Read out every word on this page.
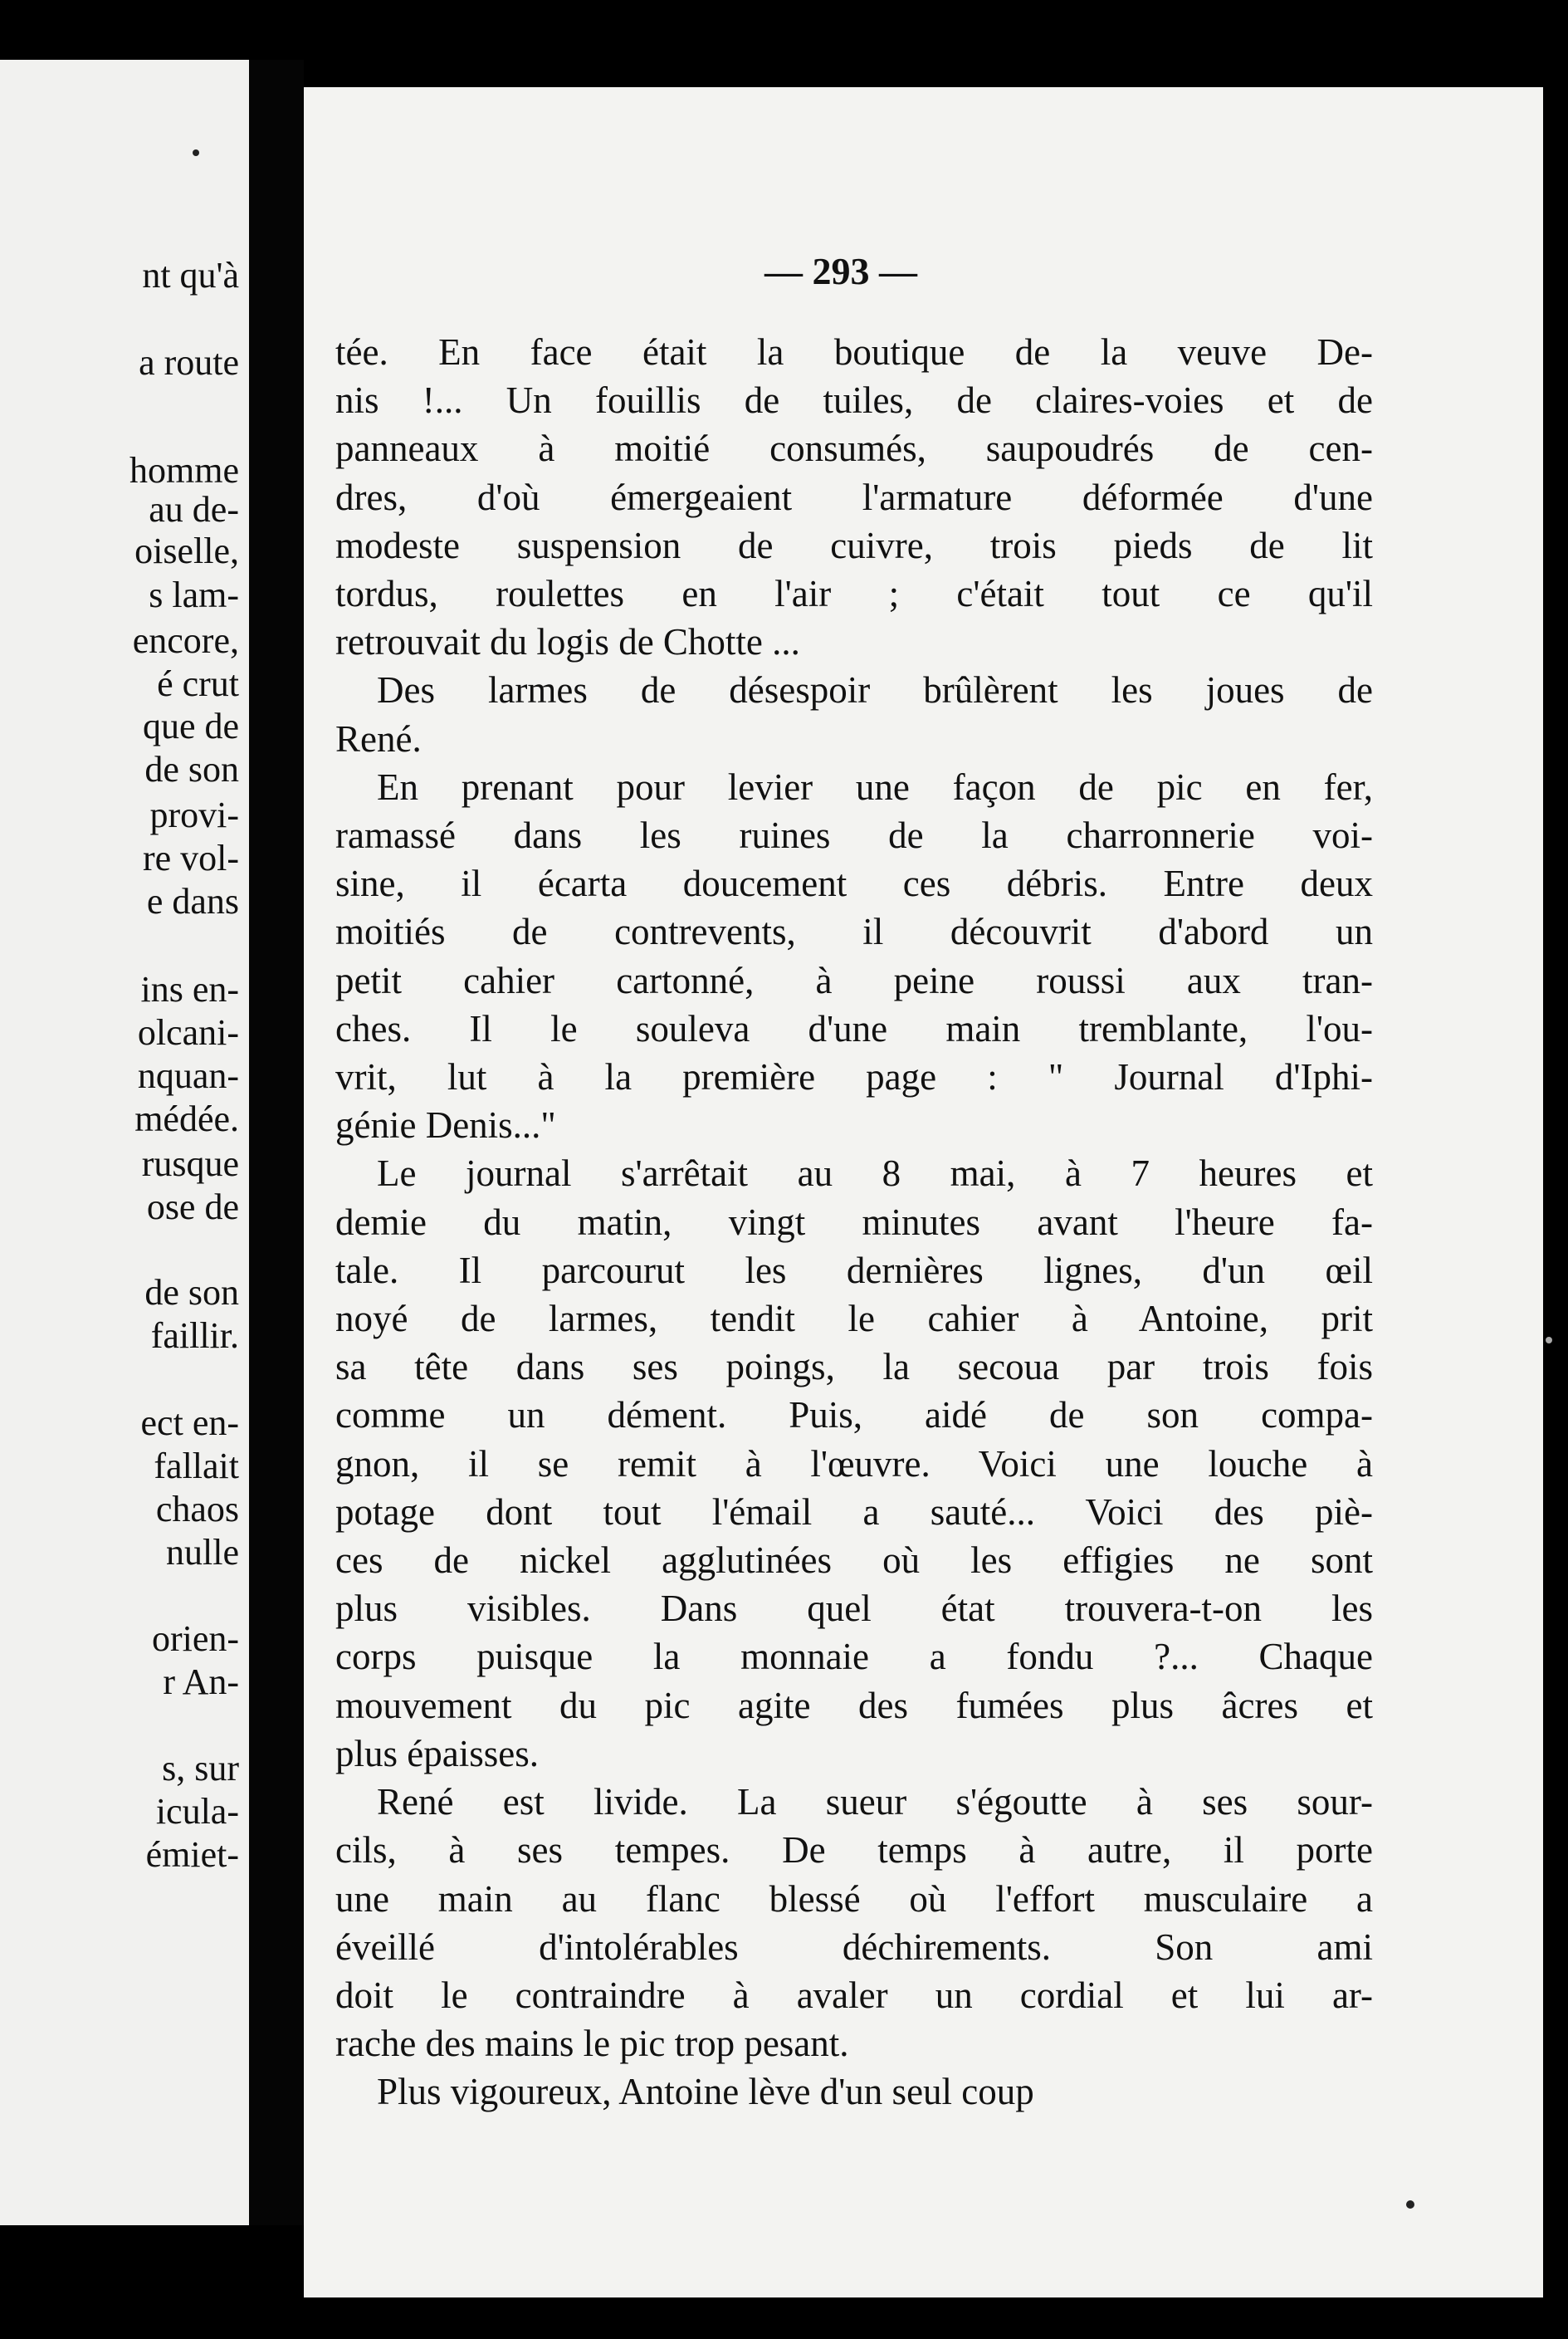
nt qu'à
a route
homme
au de-
oiselle,
s lam-
encore,
é crut
que de
de son
provi-
re vol-
e dans
ins en-
olcani-
nquan-
médée.
rusque
ose de
de son
faillir.
ect en-
fallait
chaos
nulle
orien-
r An-
s, sur
icula-
émiet-
— 293 —

tée. En face était la boutique de la veuve De-
nis !... Un fouillis de tuiles, de claires-voies et de
panneaux à moitié consumés, saupoudrés de cen-
dres, d'où émergeaient l'armature déformée d'une
modeste suspension de cuivre, trois pieds de lit
tordus, roulettes en l'air ; c'était tout ce qu'il
retrouvait du logis de Chotte ...

Des larmes de désespoir brûlèrent les joues de
René.

En prenant pour levier une façon de pic en fer,
ramassé dans les ruines de la charronnerie voi-
sine, il écarta doucement ces débris. Entre deux
moitiés de contrevents, il découvrit d'abord un
petit cahier cartonné, à peine roussi aux tran-
ches. Il le souleva d'une main tremblante, l'ou-
vrit, lut à la première page : " Journal d'Iphi-
génie Denis..."

Le journal s'arrêtait au 8 mai, à 7 heures et
demie du matin, vingt minutes avant l'heure fa-
tale. Il parcourut les dernières lignes, d'un œil
noyé de larmes, tendit le cahier à Antoine, prit
sa tête dans ses poings, la secoua par trois fois
comme un dément. Puis, aidé de son compa-
gnon, il se remit à l'œuvre. Voici une louche à
potage dont tout l'émail a sauté... Voici des piè-
ces de nickel agglutinées où les effigies ne sont
plus visibles. Dans quel état trouvera-t-on les
corps puisque la monnaie a fondu ?... Chaque
mouvement du pic agite des fumées plus âcres et
plus épaisses.

René est livide. La sueur s'égoutte à ses sour-
cils, à ses tempes. De temps à autre, il porte
une main au flanc blessé où l'effort musculaire a
éveillé d'intolérables déchirements. Son ami
doit le contraindre à avaler un cordial et lui ar-
rache des mains le pic trop pesant.

Plus vigoureux, Antoine lève d'un seul coup
